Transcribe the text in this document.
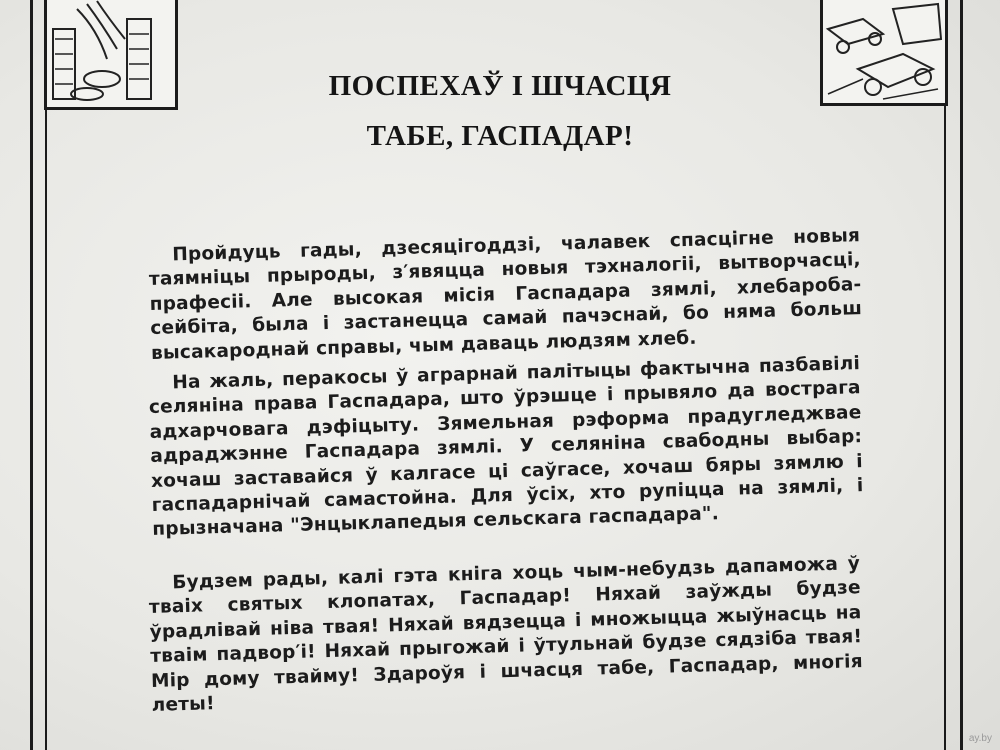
ПОСПЕХАЎ І ШЧАСЦЯ
ТАБЕ, ГАСПАДАР!
Пройдуць гады, дзесяцігоддзі, чалавек спасцігне новыя таямніцы прыроды, з′явяцца новыя тэхналогіі, вытворчасці, прафесіі. Але высокая місія Гаспадара зямлі, хлебароба-сейбіта, была і застанецца самай пачэснай, бо няма больш высакароднай справы, чым даваць людзям хлеб.
На жаль, перакосы ў аграрнай палітыцы фактычна пазбавілі селяніна права Гаспадара, што ўрэшце і прывяло да вострага адхарчовага дэфіцыту. Зямельная рэформа прадугледжвае адраджэнне Гаспадара зямлі. У селяніна свабодны выбар: хочаш заставайся ў калгасе ці саўгасе, хочаш бяры зямлю і гаспадарнічай самастойна. Для ўсіх, хто рупіцца на зямлі, і прызначана "Энцыклапедыя сельскага гаспадара".
Будзем рады, калі гэта кніга хоць чым-небудзь дапаможа ў тваіх святых клопатах, Гаспадар! Няхай заўжды будзе ўрадлівай ніва твая! Няхай вядзецца і множыцца жыўнасць на тваім падвор′і! Няхай прыгожай і ўтульнай будзе сядзіба твая! Мір дому твайму! Здароўя і шчасця табе, Гаспадар, многія леты!
ay.by
